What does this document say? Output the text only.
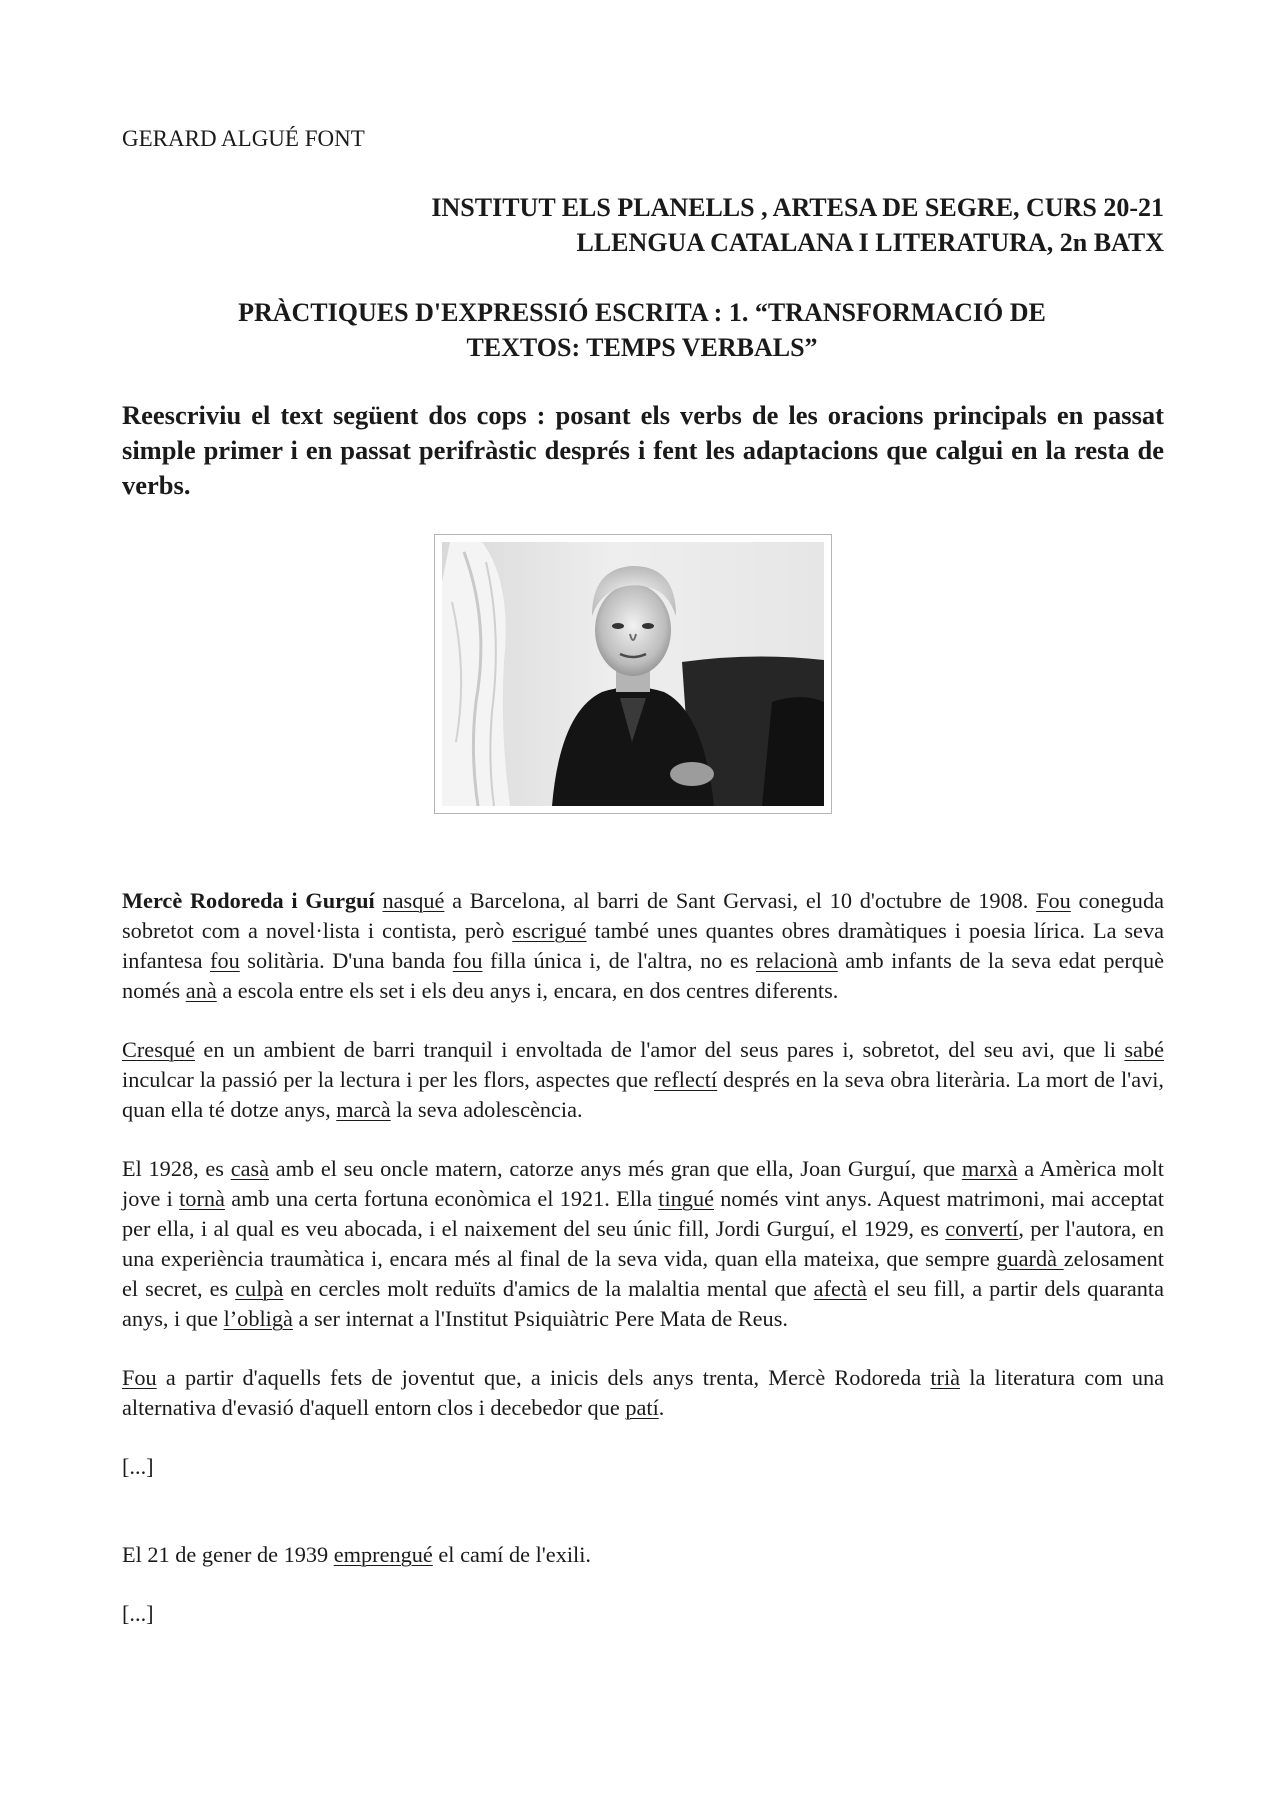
GERARD ALGUÉ FONT
INSTITUT ELS PLANELLS , ARTESA DE SEGRE, CURS 20-21
LLENGUA CATALANA I LITERATURA, 2n BATX
PRÀCTIQUES D'EXPRESSIÓ ESCRITA : 1. “TRANSFORMACIÓ DE
TEXTOS: TEMPS VERBALS”
Reescriviu el text següent dos cops : posant els verbs de les oracions principals en passat simple primer i en passat perifràstic després i fent les adaptacions que calgui en la resta de verbs.

Mercè Rodoreda i Gurguí nasqué a Barcelona, al barri de Sant Gervasi, el 10 d'octubre de 1908. Fou coneguda sobretot com a novel·lista i contista, però escrigué també unes quantes obres dramàtiques i poesia lírica. La seva infantesa fou solitària. D'una banda fou filla única i, de l'altra, no es relacionà amb infants de la seva edat perquè només anà a escola entre els set i els deu anys i, encara, en dos centres diferents.

Cresqué en un ambient de barri tranquil i envoltada de l'amor del seus pares i, sobretot, del seu avi, que li sabé inculcar la passió per la lectura i per les flors, aspectes que reflectí després en la seva obra literària. La mort de l'avi, quan ella té dotze anys, marcà la seva adolescència.

El 1928, es casà amb el seu oncle matern, catorze anys més gran que ella, Joan Gurguí, que marxà a Amèrica molt jove i tornà amb una certa fortuna econòmica el 1921. Ella tingué només vint anys. Aquest matrimoni, mai acceptat per ella, i al qual es veu abocada, i el naixement del seu únic fill, Jordi Gurguí, el 1929, es convertí, per l'autora, en una experiència traumàtica i, encara més al final de la seva vida, quan ella mateixa, que sempre guardà zelosament el secret, es culpà en cercles molt reduïts d'amics de la malaltia mental que afectà el seu fill, a partir dels quaranta anys, i que l’obligà a ser internat a l'Institut Psiquiàtric Pere Mata de Reus.

Fou a partir d'aquells fets de joventut que, a inicis dels anys trenta, Mercè Rodoreda trià la literatura com una alternativa d'evasió d'aquell entorn clos i decebedor que patí.

[...]

El 21 de gener de 1939 emprengué el camí de l'exili.

[...]
